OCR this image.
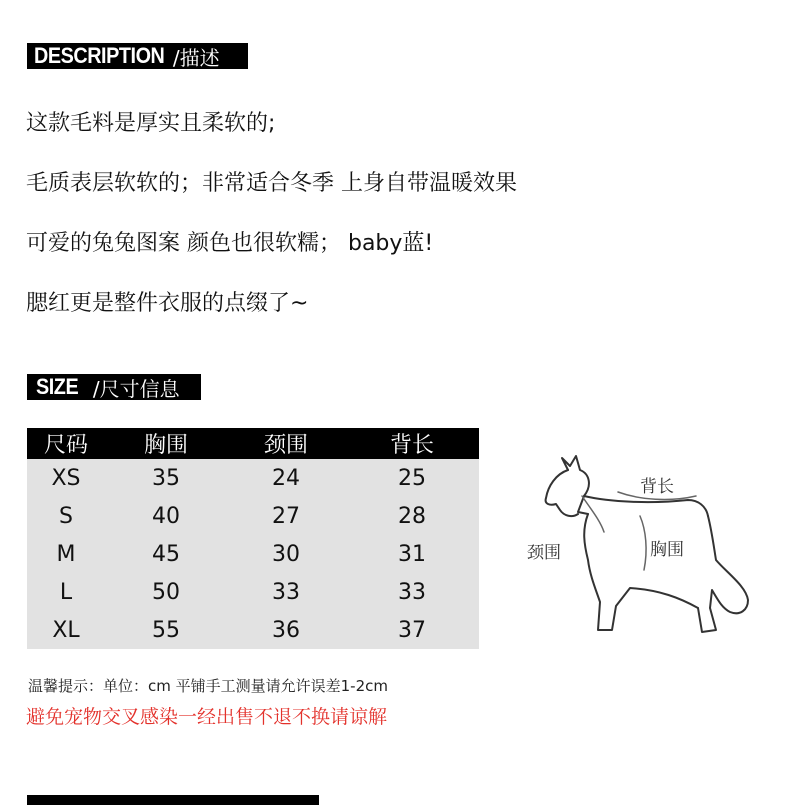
DESCRIPTION /描述
这款毛料是厚实且柔软的;
毛质表层软软的；非常适合冬季 上身自带温暖效果
可爱的兔兔图案 颜色也很软糯； baby蓝!
腮红更是整件衣服的点缀了~
SIZE /尺寸信息
尺码	胸围	颈围	背长
XS	35	24	25
S	40	27	28
M	45	30	31
L	50	33	33
XL	55	36	37
温馨提示：单位：cm 平铺手工测量请允许误差1-2cm
避免宠物交叉感染一经出售不退不换请谅解
背长
颈围	胸围
